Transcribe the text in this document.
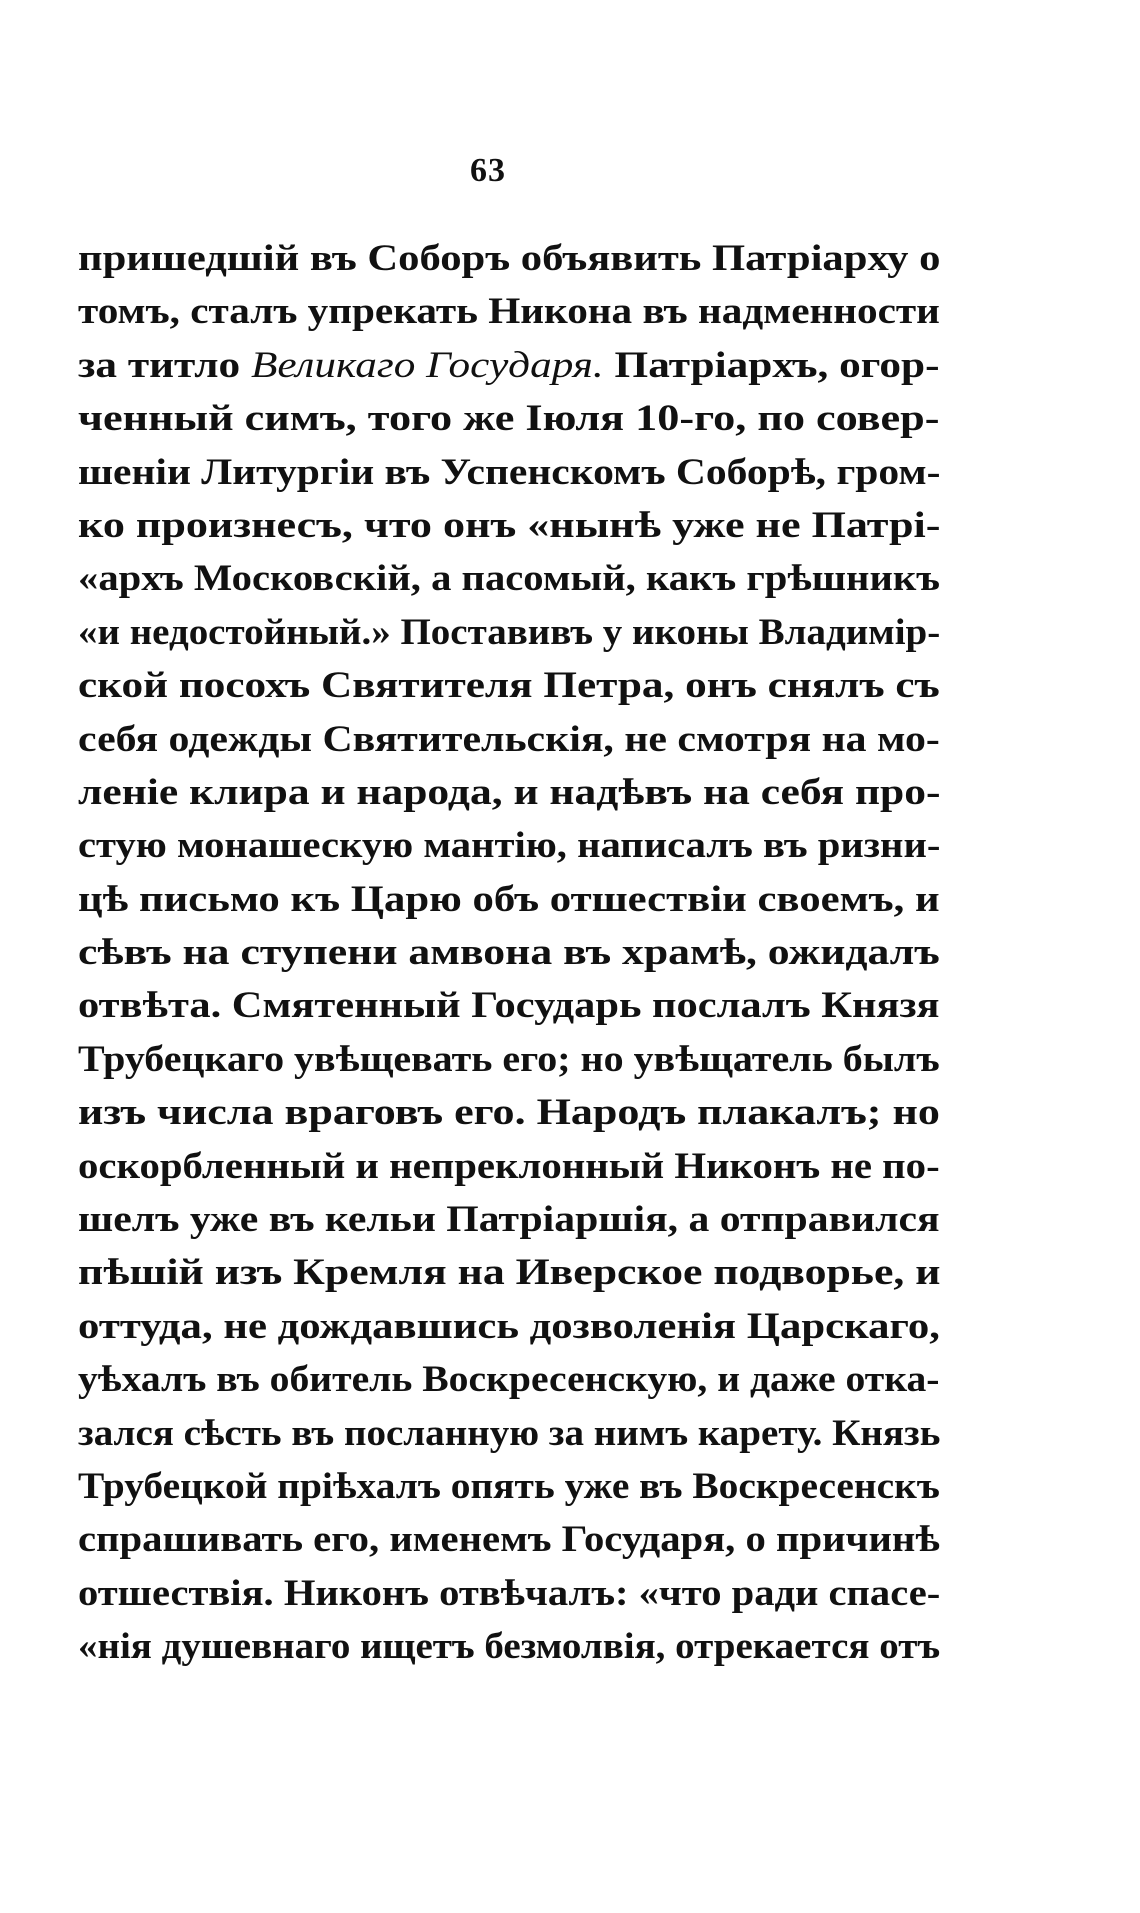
63
пришедшій въ Соборъ объявить Патріарху о
томъ, сталъ упрекать Никона въ надменности
за титло Великаго Государя. Патріархъ, огор-
ченный симъ, того же Іюля 10-го, по совер-
шеніи Литургіи въ Успенскомъ Соборѣ, гром-
ко произнесъ, что онъ «нынѣ уже не Патрі-
«архъ Московскій, а пасомый, какъ грѣшникъ
«и недостойный.» Поставивъ у иконы Владимір-
ской посохъ Святителя Петра, онъ снялъ съ
себя одежды Святительскія, не смотря на мо-
леніе клира и народа, и надѣвъ на себя про-
стую монашескую мантію, написалъ въ ризни-
цѣ письмо къ Царю объ отшествіи своемъ, и
сѣвъ на ступени амвона въ храмѣ, ожидалъ
отвѣта. Смятенный Государь послалъ Князя
Трубецкаго увѣщевать его; но увѣщатель былъ
изъ числа враговъ его. Народъ плакалъ; но
оскорбленный и непреклонный Никонъ не по-
шелъ уже въ кельи Патріаршія, а отправился
пѣшій изъ Кремля на Иверское подворье, и
оттуда, не дождавшись дозволенія Царскаго,
уѣхалъ въ обитель Воскресенскую, и даже отка-
зался сѣсть въ посланную за нимъ карету. Князь
Трубецкой пріѣхалъ опять уже въ Воскресенскъ
спрашивать его, именемъ Государя, о причинѣ
отшествія. Никонъ отвѣчалъ: «что ради спасе-
«нія душевнаго ищетъ безмолвія, отрекается отъ
